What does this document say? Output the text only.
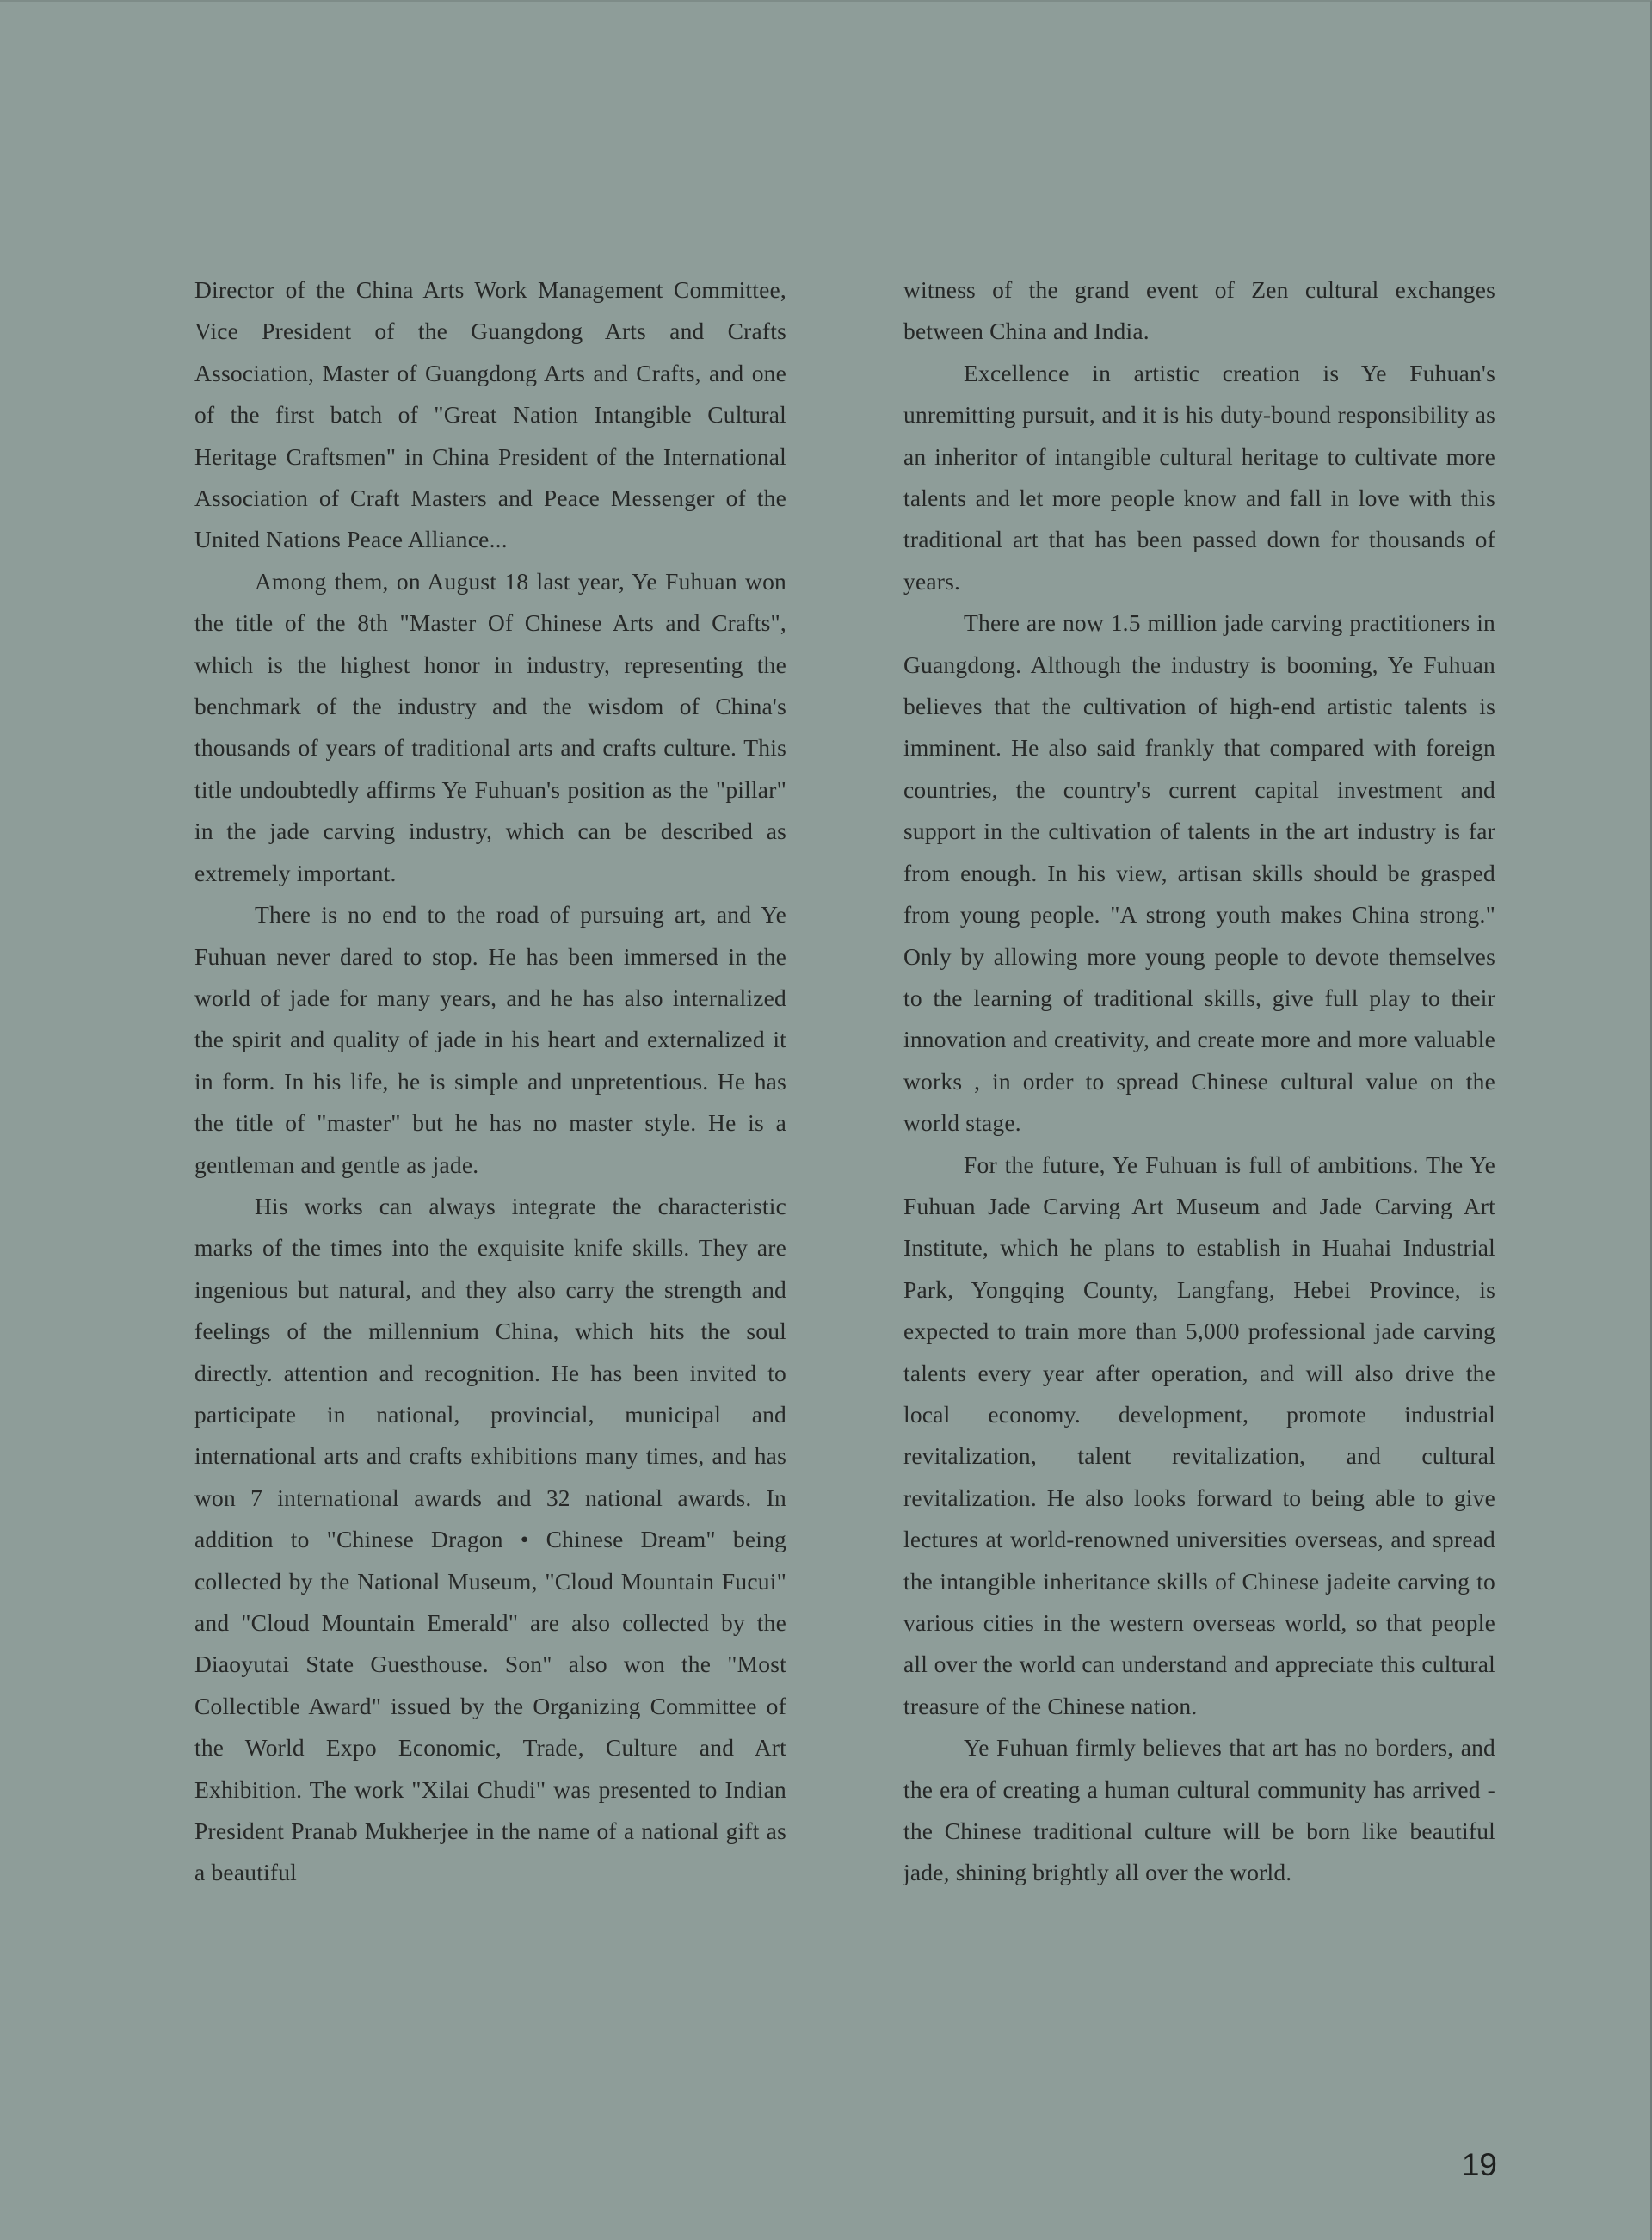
Director of the China Arts Work Management Committee, Vice President of the Guangdong Arts and Crafts Association, Master of Guangdong Arts and Crafts, and one of the first batch of "Great Nation Intangible Cultural Heritage Craftsmen" in China President of the International Association of Craft Masters and Peace Messenger of the United Nations Peace Alliance...

Among them, on August 18 last year, Ye Fuhuan won the title of the 8th "Master Of Chinese Arts and Crafts", which is the highest honor in industry, representing the benchmark of the industry and the wisdom of China's thousands of years of traditional arts and crafts culture. This title undoubtedly affirms Ye Fuhuan's position as the "pillar" in the jade carving industry, which can be described as extremely important.

There is no end to the road of pursuing art, and Ye Fuhuan never dared to stop. He has been immersed in the world of jade for many years, and he has also internalized the spirit and quality of jade in his heart and externalized it in form. In his life, he is simple and unpretentious. He has the title of "master" but he has no master style. He is a gentleman and gentle as jade.

His works can always integrate the characteristic marks of the times into the exquisite knife skills. They are ingenious but natural, and they also carry the strength and feelings of the millennium China, which hits the soul directly. attention and recognition. He has been invited to participate in national, provincial, municipal and international arts and crafts exhibitions many times, and has won 7 international awards and 32 national awards. In addition to "Chinese Dragon • Chinese Dream" being collected by the National Museum, "Cloud Mountain Fucui" and "Cloud Mountain Emerald" are also collected by the Diaoyutai State Guesthouse. Son" also won the "Most Collectible Award" issued by the Organizing Committee of the World Expo Economic, Trade, Culture and Art Exhibition. The work "Xilai Chudi" was presented to Indian President Pranab Mukherjee in the name of a national gift as a beautiful

witness of the grand event of Zen cultural exchanges between China and India.

Excellence in artistic creation is Ye Fuhuan's unremitting pursuit, and it is his duty-bound responsibility as an inheritor of intangible cultural heritage to cultivate more talents and let more people know and fall in love with this traditional art that has been passed down for thousands of years.

There are now 1.5 million jade carving practitioners in Guangdong. Although the industry is booming, Ye Fuhuan believes that the cultivation of high-end artistic talents is imminent. He also said frankly that compared with foreign countries, the country's current capital investment and support in the cultivation of talents in the art industry is far from enough. In his view, artisan skills should be grasped from young people. "A strong youth makes China strong." Only by allowing more young people to devote themselves to the learning of traditional skills, give full play to their innovation and creativity, and create more and more valuable works , in order to spread Chinese cultural value on the world stage.

For the future, Ye Fuhuan is full of ambitions. The Ye Fuhuan Jade Carving Art Museum and Jade Carving Art Institute, which he plans to establish in Huahai Industrial Park, Yongqing County, Langfang, Hebei Province, is expected to train more than 5,000 professional jade carving talents every year after operation, and will also drive the local economy. development, promote industrial revitalization, talent revitalization, and cultural revitalization. He also looks forward to being able to give lectures at world-renowned universities overseas, and spread the intangible inheritance skills of Chinese jadeite carving to various cities in the western overseas world, so that people all over the world can understand and appreciate this cultural treasure of the Chinese nation.

Ye Fuhuan firmly believes that art has no borders, and the era of creating a human cultural community has arrived - the Chinese traditional culture will be born like beautiful jade, shining brightly all over the world.

19
